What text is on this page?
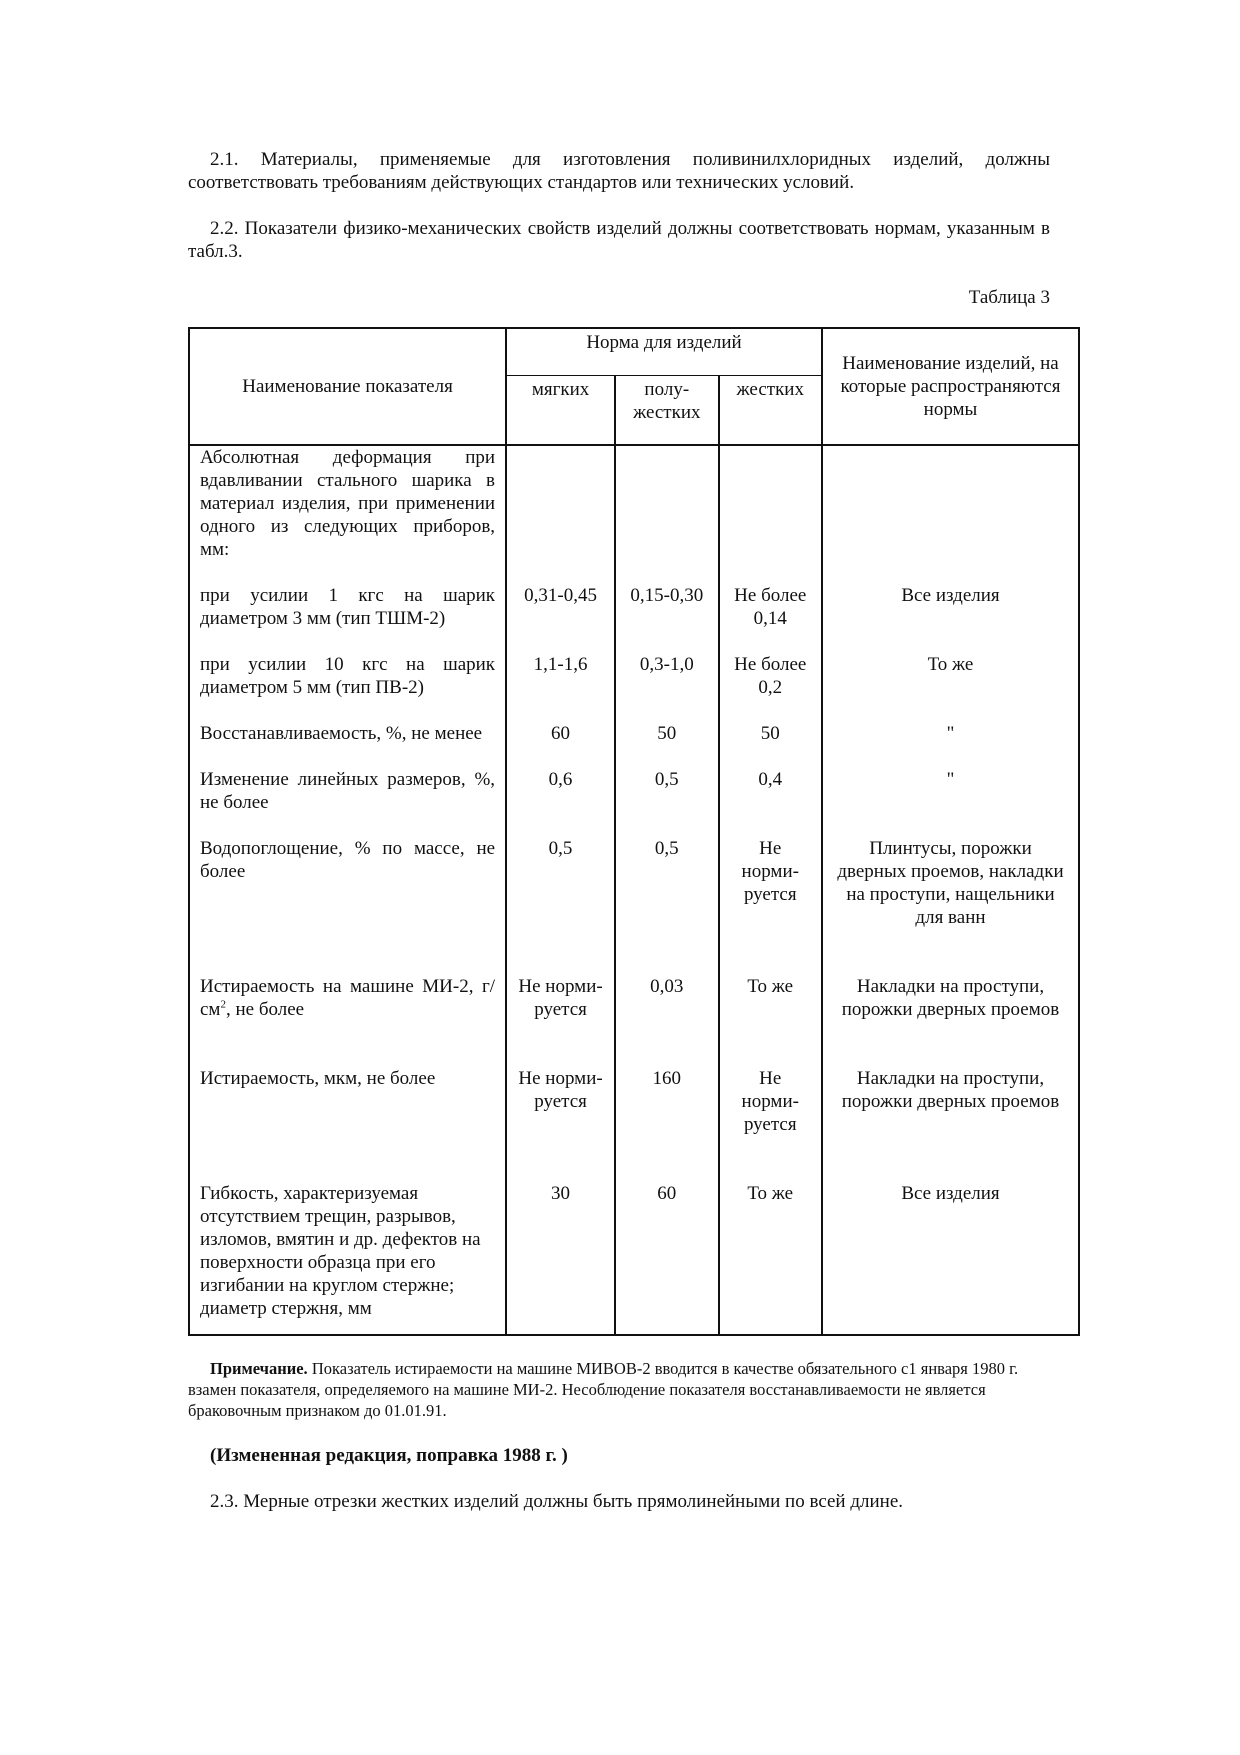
2.1. Материалы, применяемые для изготовления поливинилхлоридных изделий, должны соответствовать требованиям действующих стандартов или технических условий.

2.2. Показатели физико-механических свойств изделий должны соответствовать нормам, указанным в табл.3.

Таблица 3

Наименование показателя	Норма для изделий			Наименование изделий, на которые распространяются нормы
	мягких	полу-жестких	жестких	
Абсолютная деформация при вдавливании стального шарика в материал изделия, при применении одного из следующих приборов, мм:				
при усилии 1 кгс на шарик диаметром 3 мм (тип ТШМ-2)	0,31-0,45	0,15-0,30	Не более 0,14	Все изделия
при усилии 10 кгс на шарик диаметром 5 мм (тип ПВ-2)	1,1-1,6	0,3-1,0	Не более 0,2	То же
Восстанавливаемость, %, не менее	60	50	50	"
Изменение линейных размеров, %, не более	0,6	0,5	0,4	"
Водопоглощение, % по массе, не более	0,5	0,5	Не норми-руется	Плинтусы, порожки дверных проемов, накладки на проступи, нащельники для ванн
Истираемость на машине МИ-2, $г/см^2$, не более	Не норми-руется	0,03	То же	Накладки на проступи, порожки дверных проемов
Истираемость, мкм, не более	Не норми-руется	160	Не норми-руется	Накладки на проступи, порожки дверных проемов
Гибкость, характеризуемая отсутствием трещин, разрывов, изломов, вмятин и др. дефектов на поверхности образца при его изгибании на круглом стержне; диаметр стержня, мм	30	60	То же	Все изделия

Примечание. Показатель истираемости на машине МИВОВ-2 вводится в качестве обязательного с1 января 1980 г. взамен показателя, определяемого на машине МИ-2. Несоблюдение показателя восстанавливаемости не является браковочным признаком до 01.01.91.

(Измененная редакция, поправка 1988 г. )

2.3. Мерные отрезки жестких изделий должны быть прямолинейными по всей длине.
